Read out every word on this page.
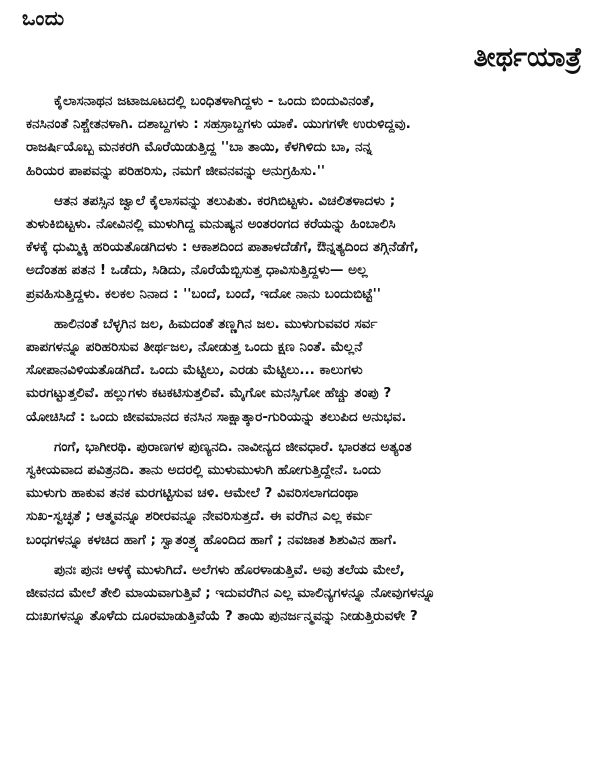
ಒಂದು
ತೀರ್ಥಯಾತ್ರೆ
ಕೈಲಾಸನಾಥನ ಜಟಾಜೂಟದಲ್ಲಿ ಬಂಧಿತಳಾಗಿದ್ದಳು - ಒಂದು ಬಿಂದುವಿನಂತೆ,
ಕನಸಿನಂತೆ ನಿಶ್ಚೇತನಳಾಗಿ. ದಶಾಬ್ದಗಳು : ಸಹಸ್ರಾಬ್ದಗಳು ಯಾಕೆ. ಯುಗಗಳೇ ಉರುಳಿದ್ದವು.
ರಾಜರ್ಷಿಯೊಬ್ಬ ಮನಕರಗಿ ಮೊರೆಯಿಡುತ್ತಿದ್ದ ''ಬಾ ತಾಯಿ, ಕೆಳಗಿಳಿದು ಬಾ, ನನ್ನ
ಹಿರಿಯರ ಪಾಪವನ್ನು ಪರಿಹರಿಸು, ನಮಗೆ ಜೀವನವನ್ನು ಅನುಗ್ರಹಿಸು.''
ಆತನ ತಪಸ್ಸಿನ ಜ್ವಾಲೆ ಕೈಲಾಸವನ್ನು ತಲುಪಿತು. ಕರಗಿಬಿಟ್ಟಳು. ವಿಚಲಿತಳಾದಳು ;
ತುಳುಕಿಬಿಟ್ಟಳು. ನೋವಿನಲ್ಲಿ ಮುಳುಗಿದ್ದ ಮನುಷ್ಯನ ಅಂತರಂಗದ ಕರೆಯನ್ನು ಹಿಂಬಾಲಿಸಿ
ಕೆಳಕ್ಕೆ ಧುಮ್ಮಿಕ್ಕಿ ಹರಿಯತೊಡಗಿದಳು : ಆಕಾಶದಿಂದ ಪಾತಾಳದೆಡೆಗೆ, ಔನ್ನತ್ಯದಿಂದ ತಗ್ಗಿನೆಡೆಗೆ,
ಅದೆಂತಹ ಪತನ ! ಒಡೆದು, ಸಿಡಿದು, ನೊರೆಯೆಬ್ಬಿಸುತ್ತ ಧಾವಿಸುತ್ತಿದ್ದಳು— ಅಲ್ಲ
ಪ್ರವಹಿಸುತ್ತಿದ್ದಳು. ಕಲಕಲ ನಿನಾದ : ''ಬಂದೆ, ಬಂದೆ, ಇದೋ ನಾನು ಬಂದುಬಿಟ್ಟೆ''
ಹಾಲಿನಂತೆ ಬೆಳ್ಳಗಿನ ಜಲ, ಹಿಮದಂತೆ ತಣ್ಣಗಿನ ಜಲ. ಮುಳುಗುವವರ ಸರ್ವ
ಪಾಪಗಳನ್ನೂ ಪರಿಹರಿಸುವ ತೀರ್ಥಜಲ, ನೋಡುತ್ತ ಒಂದು ಕ್ಷಣ ನಿಂತೆ. ಮೆಲ್ಲನೆ
ಸೋಪಾನವಿಳಿಯತೊಡಗಿದೆ. ಒಂದು ಮೆಟ್ಟಿಲು, ಎರಡು ಮೆಟ್ಟಿಲು... ಕಾಲುಗಳು
ಮರಗಟ್ಟುತ್ತಲಿವೆ. ಹಲ್ಲುಗಳು ಕಟಕಟಿಸುತ್ತಲಿವೆ. ಮೈಗೋ ಮನಸ್ಸಿಗೋ ಹೆಚ್ಚು ತಂಪು ?
ಯೋಚಿಸಿದೆ : ಒಂದು ಜೀವಮಾನದ ಕನಸಿನ ಸಾಕ್ಷಾತ್ಕಾರ-ಗುರಿಯನ್ನು ತಲುಪಿದ ಅನುಭವ.
ಗಂಗೆ, ಭಾಗೀರಥಿ. ಪುರಾಣಗಳ ಪುಣ್ಯನದಿ. ನಾವೀನ್ಯದ ಜೀವಧಾರೆ. ಭಾರತದ ಅತ್ಯಂತ
ಸ್ವಕೀಯವಾದ ಪವಿತ್ರನದಿ. ತಾನು ಅದರಲ್ಲಿ ಮುಳುಮುಳುಗಿ ಹೋಗುತ್ತಿದ್ದೇನೆ. ಒಂದು
ಮುಳುಗು ಹಾಕುವ ತನಕ ಮರಗಟ್ಟಿಸುವ ಚಳಿ. ಆಮೇಲೆ ? ವಿವರಿಸಲಾಗದಂಥಾ
ಸುಖ-ಸ್ವಚ್ಛತೆ ; ಆತ್ಮವನ್ನೂ ಶರೀರವನ್ನೂ ನೇವರಿಸುತ್ತದೆ. ಈ ವರೆಗಿನ ಎಲ್ಲ ಕರ್ಮ
ಬಂಧಗಳನ್ನೂ ಕಳಚಿದ ಹಾಗೆ ; ಸ್ವಾತಂತ್ರ್ಯ ಹೊಂದಿದ ಹಾಗೆ ; ನವಜಾತ ಶಿಶುವಿನ ಹಾಗೆ.
ಪುನಃ ಪುನಃ ಆಳಕ್ಕೆ ಮುಳುಗಿದೆ. ಅಲೆಗಳು ಹೊರಳಾಡುತ್ತಿವೆ. ಅವು ತಲೆಯ ಮೇಲೆ,
ಜೀವನದ ಮೇಲೆ ತೇಲಿ ಮಾಯವಾಗುತ್ತಿವೆ ; ಇದುವರೆಗಿನ ಎಲ್ಲ ಮಾಲಿನ್ಯಗಳನ್ನೂ ನೋವುಗಳನ್ನೂ
ದುಃಖಗಳನ್ನೂ ತೊಳೆದು ದೂರಮಾಡುತ್ತಿವೆಯೆ ? ತಾಯಿ ಪುನರ್ಜನ್ಮವನ್ನು ನೀಡುತ್ತಿರುವಳೇ ?
